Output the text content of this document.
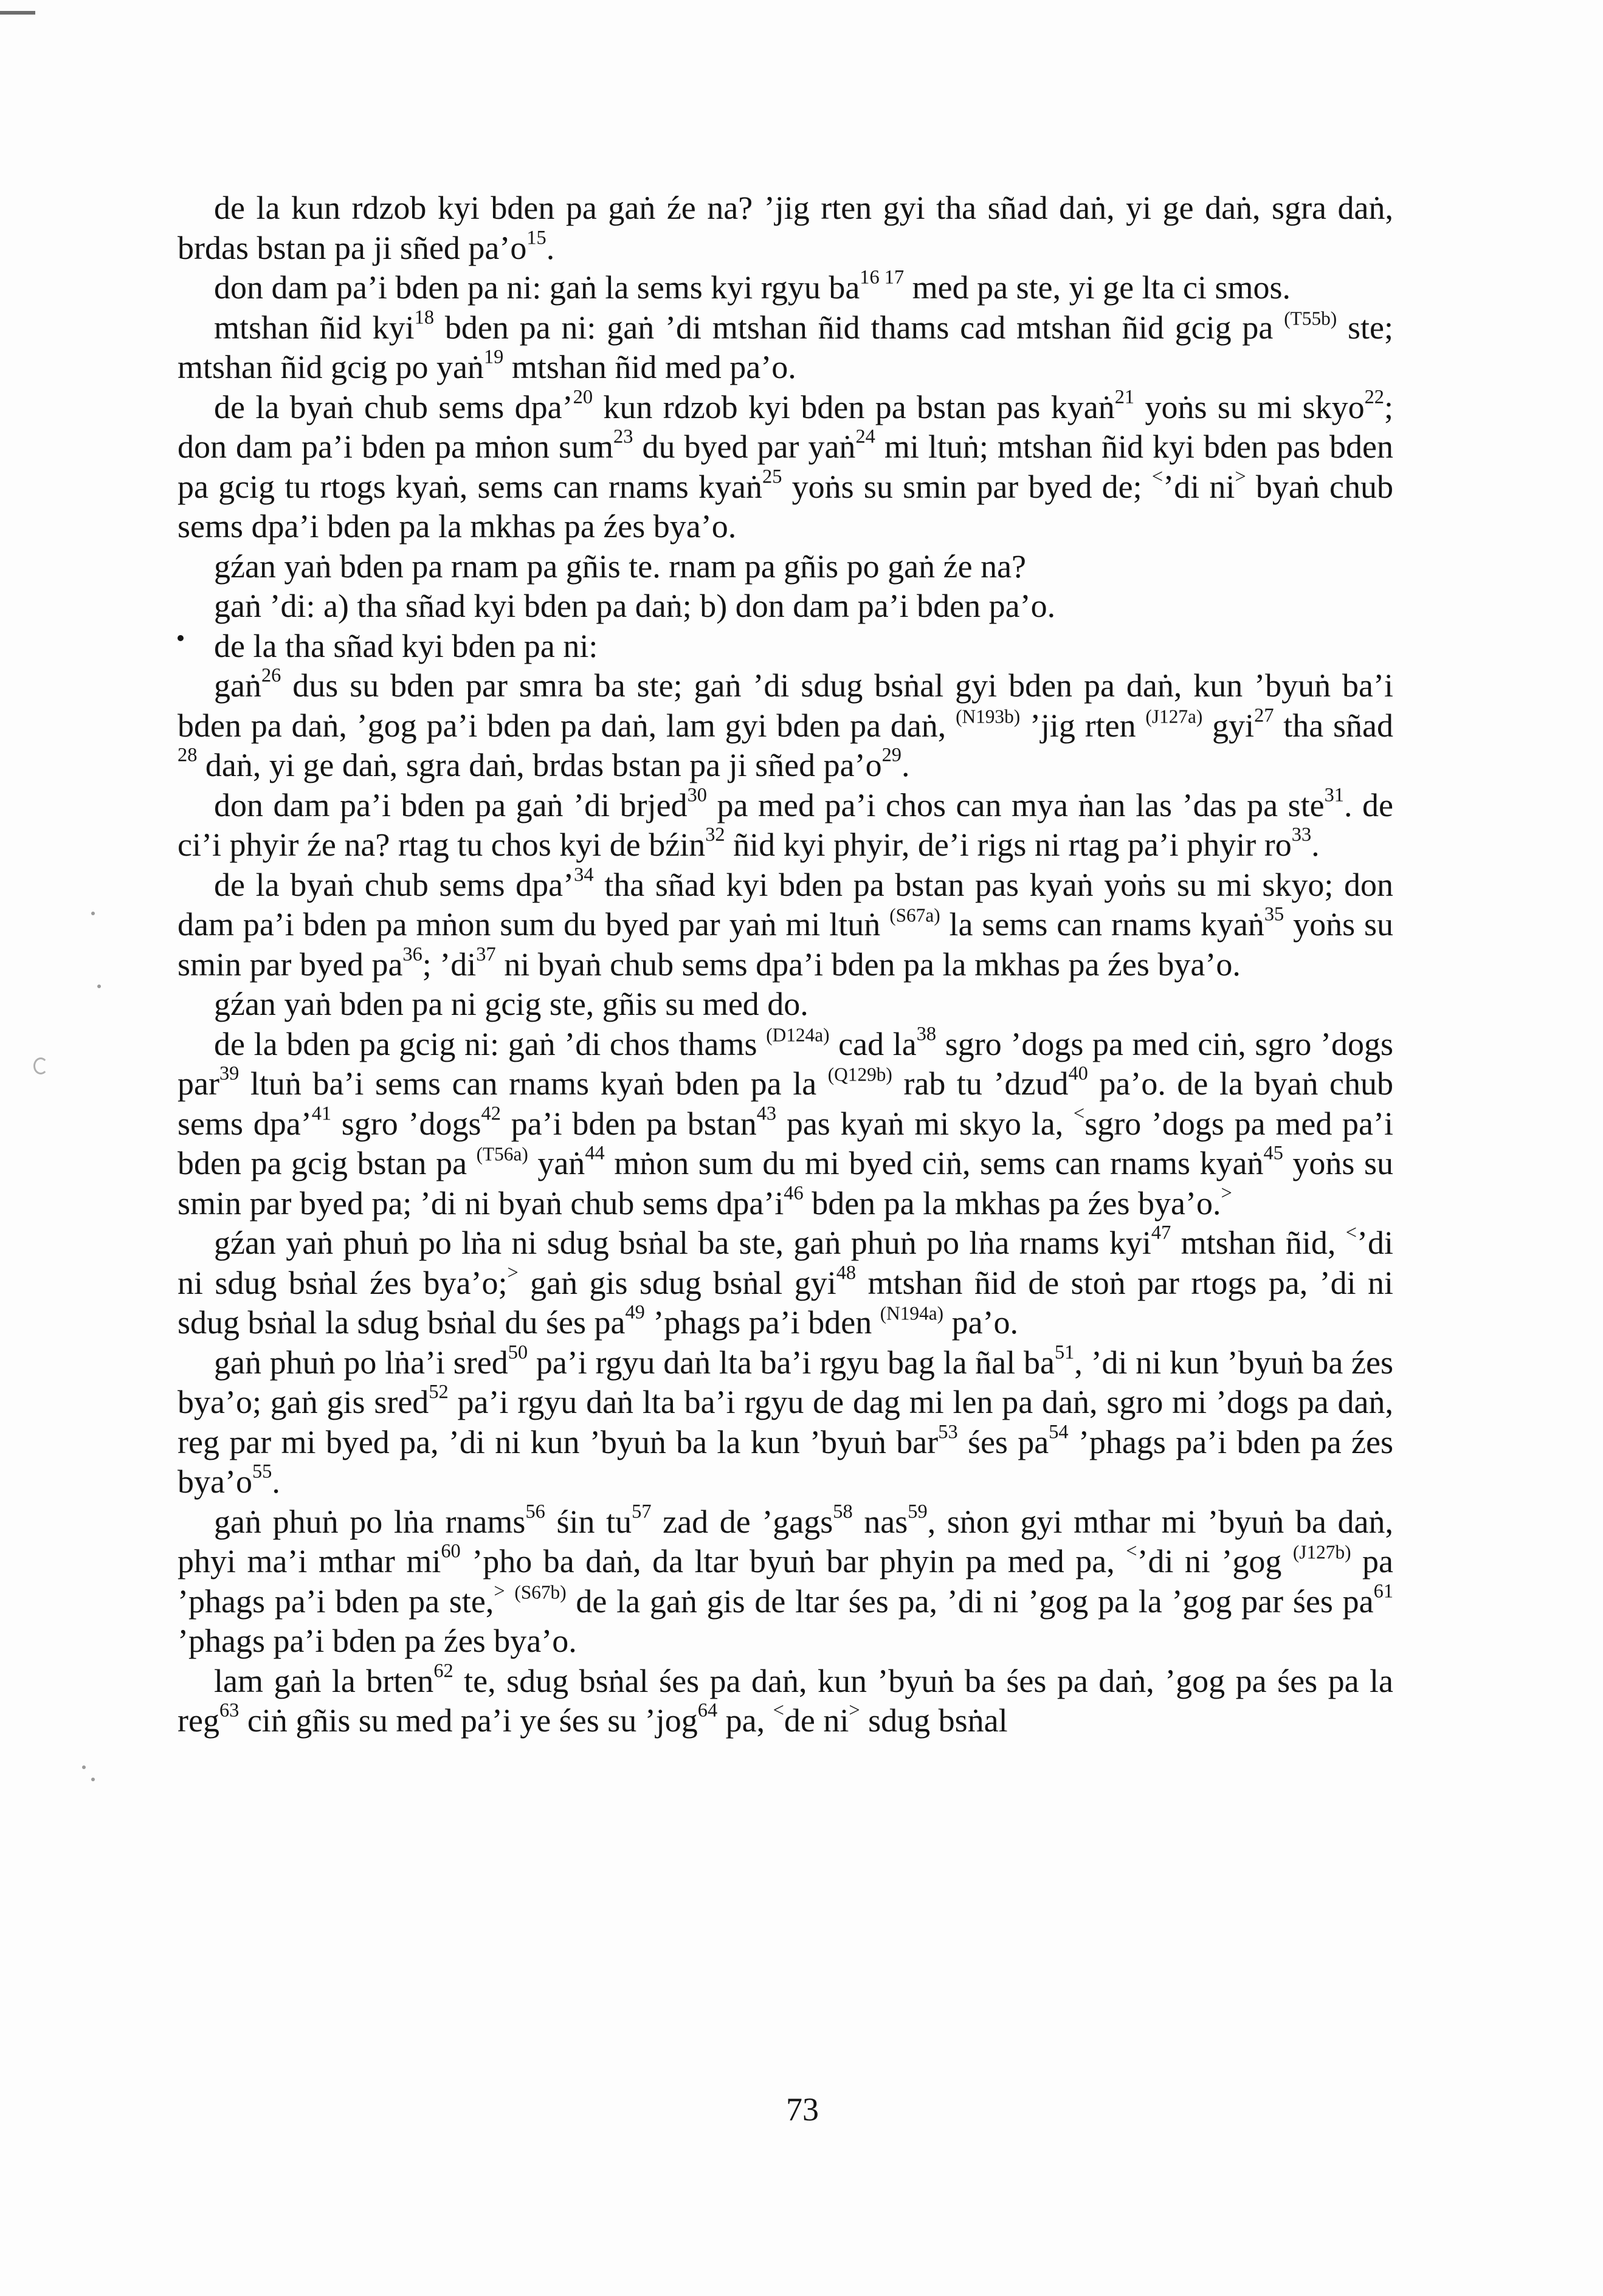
de la kun rdzob kyi bden pa gaṅ źe na? ’jig rten gyi tha sñad daṅ, yi ge daṅ, sgra daṅ, brdas bstan pa ji sñed $pa’o^{15}$.

don dam pa’i bden pa ni: gaṅ la sems kyi rgyu $ba^{16 17}$ med pa ste, yi ge lta ci smos.

mtshan ñid kyi$^{18}$ bden pa ni: gaṅ ’di mtshan ñid thams cad mtshan ñid gcig pa $^{(T55b)}$ ste; mtshan ñid gcig po yaṅ$^{19}$ mtshan ñid med pa’o.

de la byaṅ chub sems dpa’$^{20}$ kun rdzob kyi bden pa bstan pas kyaṅ$^{21}$ yoṅs su mi skyo$^{22}$; don dam pa’i bden pa mṅon sum$^{23}$ du byed par yaṅ$^{24}$ mi ltuṅ; mtshan ñid kyi bden pas bden pa gcig tu rtogs kyaṅ, sems can rnams kyaṅ$^{25}$ yoṅs su smin par byed de; <’di ni> byaṅ chub sems dpa’i bden pa la mkhas pa źes bya’o.

gźan yaṅ bden pa rnam pa gñis te. rnam pa gñis po gaṅ źe na?

gaṅ ’di: a) tha sñad kyi bden pa daṅ; b) don dam pa’i bden pa’o.

de la tha sñad kyi bden pa ni:

gaṅ$^{26}$ dus su bden par smra ba ste; gaṅ ’di sdug bsṅal gyi bden pa daṅ, kun ’byuṅ ba’i bden pa daṅ, ’gog pa’i bden pa daṅ, lam gyi bden pa daṅ, $^{(N193b)}$ ’jig rten $^{(J127a)}$ gyi$^{27}$ tha sñad $^{28}$ daṅ, yi ge daṅ, sgra daṅ, brdas bstan pa ji sñed $pa’o^{29}$.

don dam pa’i bden pa gaṅ ’di brjed$^{30}$ pa med pa’i chos can mya ṅan las ’das pa ste$^{31}$. de ci’i phyir źe na? rtag tu chos kyi de bźin$^{32}$ ñid kyi phyir, de’i rigs ni rtag pa’i phyir $ro^{33}$.

de la byaṅ chub sems dpa’$^{34}$ tha sñad kyi bden pa bstan pas kyaṅ yoṅs su mi skyo; don dam pa’i bden pa mṅon sum du byed par yaṅ mi ltuṅ $^{(S67a)}$ la sems can rnams kyaṅ$^{35}$ yoṅs su smin par byed $pa^{36}$; $’di^{37}$ ni byaṅ chub sems dpa’i bden pa la mkhas pa źes bya’o.

gźan yaṅ bden pa ni gcig ste, gñis su med do.

de la bden pa gcig ni: gaṅ ’di chos thams $^{(D124a)}$ cad $la^{38}$ sgro ’dogs pa med ciṅ, sgro ’dogs par$^{39}$ ltuṅ ba’i sems can rnams kyaṅ bden pa la $^{(Q129b)}$ rab tu ’dzud$^{40}$ pa’o. de la byaṅ chub sems dpa’$^{41}$ sgro ’dogs$^{42}$ pa’i bden pa bstan$^{43}$ pas kyaṅ mi skyo la, <sgro ’dogs pa med pa’i bden pa gcig bstan pa $^{(T56a)}$ yaṅ$^{44}$ mṅon sum du mi byed ciṅ, sems can rnams kyaṅ$^{45}$ yoṅs su smin par byed pa; ’di ni byaṅ chub sems $dpa’i^{46}$ bden pa la mkhas pa źes bya’o.>

gźan yaṅ phuṅ po lṅa ni sdug bsṅal ba ste, gaṅ phuṅ po lṅa rnams kyi$^{47}$ mtshan ñid, <’di ni sdug bsṅal źes bya’o;> gaṅ gis sdug bsṅal gyi$^{48}$ mtshan ñid de stoṅ par rtogs pa, ’di ni sdug bsṅal la sdug bsṅal du śes $pa^{49}$ ’phags pa’i bden $^{(N194a)}$ pa’o.

gaṅ phuṅ po lṅa’i sred$^{50}$ pa’i rgyu daṅ lta ba’i rgyu bag la ñal $ba^{51}$, ’di ni kun ’byuṅ ba źes bya’o; gaṅ gis sred$^{52}$ pa’i rgyu daṅ lta ba’i rgyu de dag mi len pa daṅ, sgro mi ’dogs pa daṅ, reg par mi byed pa, ’di ni kun ’byuṅ ba la kun ’byuṅ bar$^{53}$ śes $pa^{54}$ ’phags pa’i bden pa źes $bya’o^{55}$.

gaṅ phuṅ po lṅa rnams$^{56}$ śin $tu^{57}$ zad de ’gags$^{58}$ nas$^{59}$, sṅon gyi mthar mi ’byuṅ ba daṅ, phyi ma’i mthar $mi^{60}$ ’pho ba daṅ, da ltar byuṅ bar phyin pa med pa, <’di ni ’gog $^{(J127b)}$ pa ’phags pa’i bden pa ste,> $^{(S67b)}$ de la gaṅ gis de ltar śes pa, ’di ni ’gog pa la ’gog par śes $pa^{61}$ ’phags pa’i bden pa źes bya’o.

lam gaṅ la brten$^{62}$ te, sdug bsṅal śes pa daṅ, kun ’byuṅ ba śes pa daṅ, ’gog pa śes pa la reg$^{63}$ ciṅ gñis su med pa’i ye śes su ’jog$^{64}$ pa, <de ni> sdug bsṅal

73
